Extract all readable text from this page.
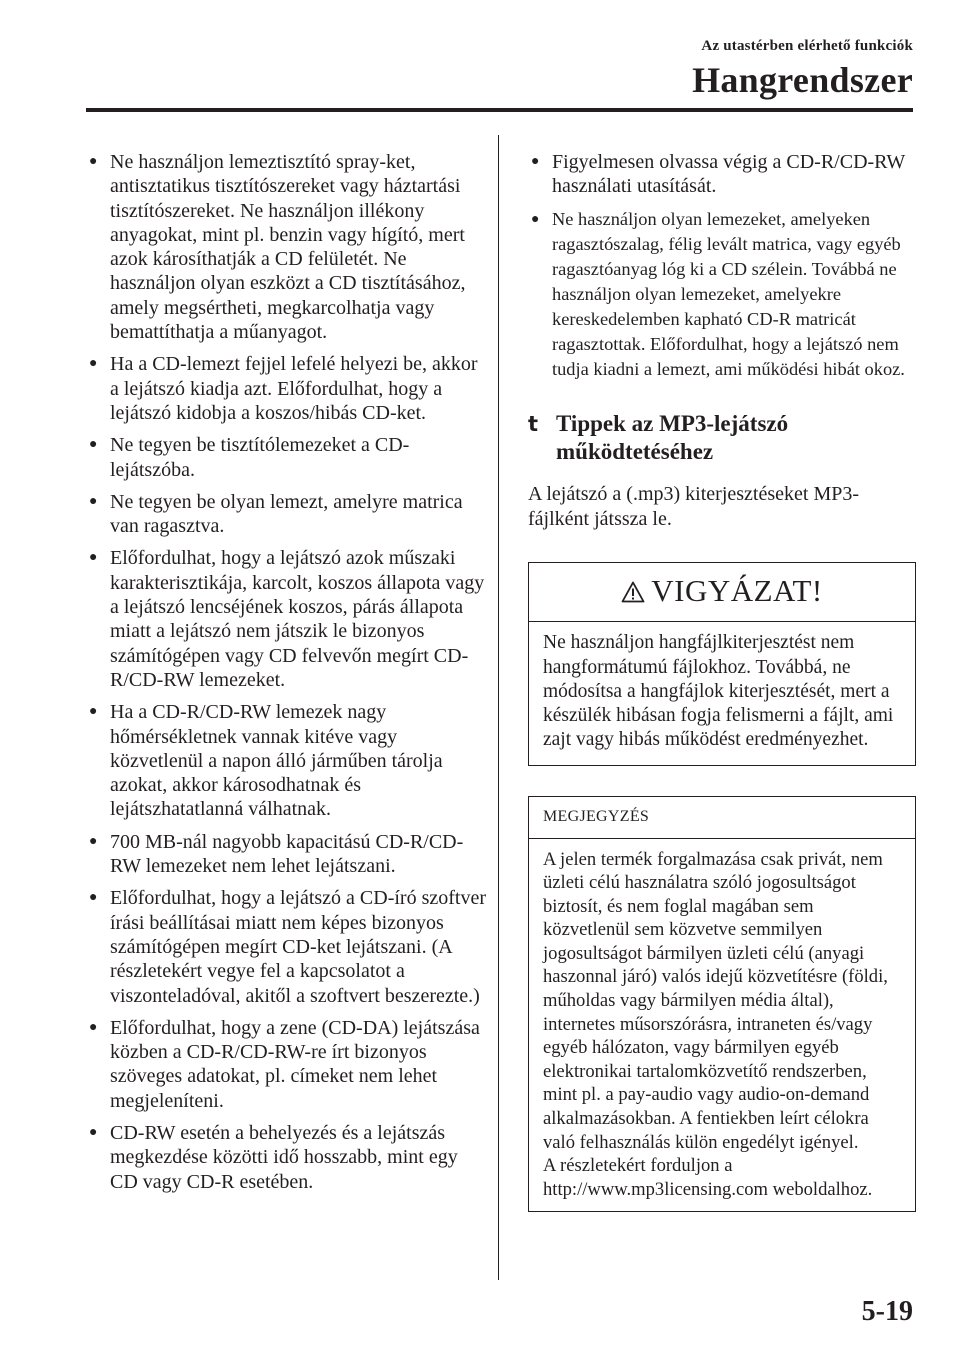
Az utastérben elérhető funkciók
Hangrendszer
● Ne használjon lemeztisztító spray-ket, antisztatikus tisztítószereket vagy háztartási tisztítószereket. Ne használjon illékony anyagokat, mint pl. benzin vagy hígító, mert azok károsíthatják a CD felületét. Ne használjon olyan eszközt a CD tisztításához, amely megsértheti, megkarcolhatja vagy bemattíthatja a műanyagot.
● Ha a CD-lemezt fejjel lefelé helyezi be, akkor a lejátszó kiadja azt. Előfordulhat, hogy a lejátszó kidobja a koszos/hibás CD-ket.
● Ne tegyen be tisztítólemezeket a CD-lejátszóba.
● Ne tegyen be olyan lemezt, amelyre matrica van ragasztva.
● Előfordulhat, hogy a lejátszó azok műszaki karakterisztikája, karcolt, koszos állapota vagy a lejátszó lencséjének koszos, párás állapota miatt a lejátszó nem játszik le bizonyos számítógépen vagy CD felvevőn megírt CD-R/CD-RW lemezeket.
● Ha a CD-R/CD-RW lemezek nagy hőmérsékletnek vannak kitéve vagy közvetlenül a napon álló járműben tárolja azokat, akkor károsodhatnak és lejátszhatatlanná válhatnak.
● 700 MB-nál nagyobb kapacitású CD-R/CD-RW lemezeket nem lehet lejátszani.
● Előfordulhat, hogy a lejátszó a CD-író szoftver írási beállításai miatt nem képes bizonyos számítógépen megírt CD-ket lejátszani. (A részletekért vegye fel a kapcsolatot a viszonteladóval, akitől a szoftvert beszerezte.)
● Előfordulhat, hogy a zene (CD-DA) lejátszása közben a CD-R/CD-RW-re írt bizonyos szöveges adatokat, pl. címeket nem lehet megjeleníteni.
● CD-RW esetén a behelyezés és a lejátszás megkezdése közötti idő hosszabb, mint egy CD vagy CD-R esetében.
● Figyelmesen olvassa végig a CD-R/CD-RW használati utasítását.
● Ne használjon olyan lemezeket, amelyeken ragasztószalag, félig levált matrica, vagy egyéb ragasztóanyag lóg ki a CD szélein. Továbbá ne használjon olyan lemezeket, amelyekre kereskedelemben kapható CD-R matricát ragasztottak. Előfordulhat, hogy a lejátszó nem tudja kiadni a lemezt, ami működési hibát okoz.
t Tippek az MP3-lejátszó működtetéséhez
A lejátszó a (.mp3) kiterjesztéseket MP3-fájlként játssza le.
VIGYÁZAT!
Ne használjon hangfájlkiterjesztést nem hangformátumú fájlokhoz. Továbbá, ne módosítsa a hangfájlok kiterjesztését, mert a készülék hibásan fogja felismerni a fájlt, ami zajt vagy hibás működést eredményezhet.
MEGJEGYZÉS
A jelen termék forgalmazása csak privát, nem üzleti célú használatra szóló jogosultságot biztosít, és nem foglal magában sem közvetlenül sem közvetve semmilyen jogosultságot bármilyen üzleti célú (anyagi haszonnal járó) valós idejű közvetítésre (földi, műholdas vagy bármilyen média által), internetes műsorszórásra, intraneten és/vagy egyéb hálózaton, vagy bármilyen egyéb elektronikai tartalomközvetítő rendszerben, mint pl. a pay-audio vagy audio-on-demand alkalmazásokban. A fentiekben leírt célokra való felhasználás külön engedélyt igényel.
A részletekért forduljon a http://www.mp3licensing.com weboldalhoz.
5-19
